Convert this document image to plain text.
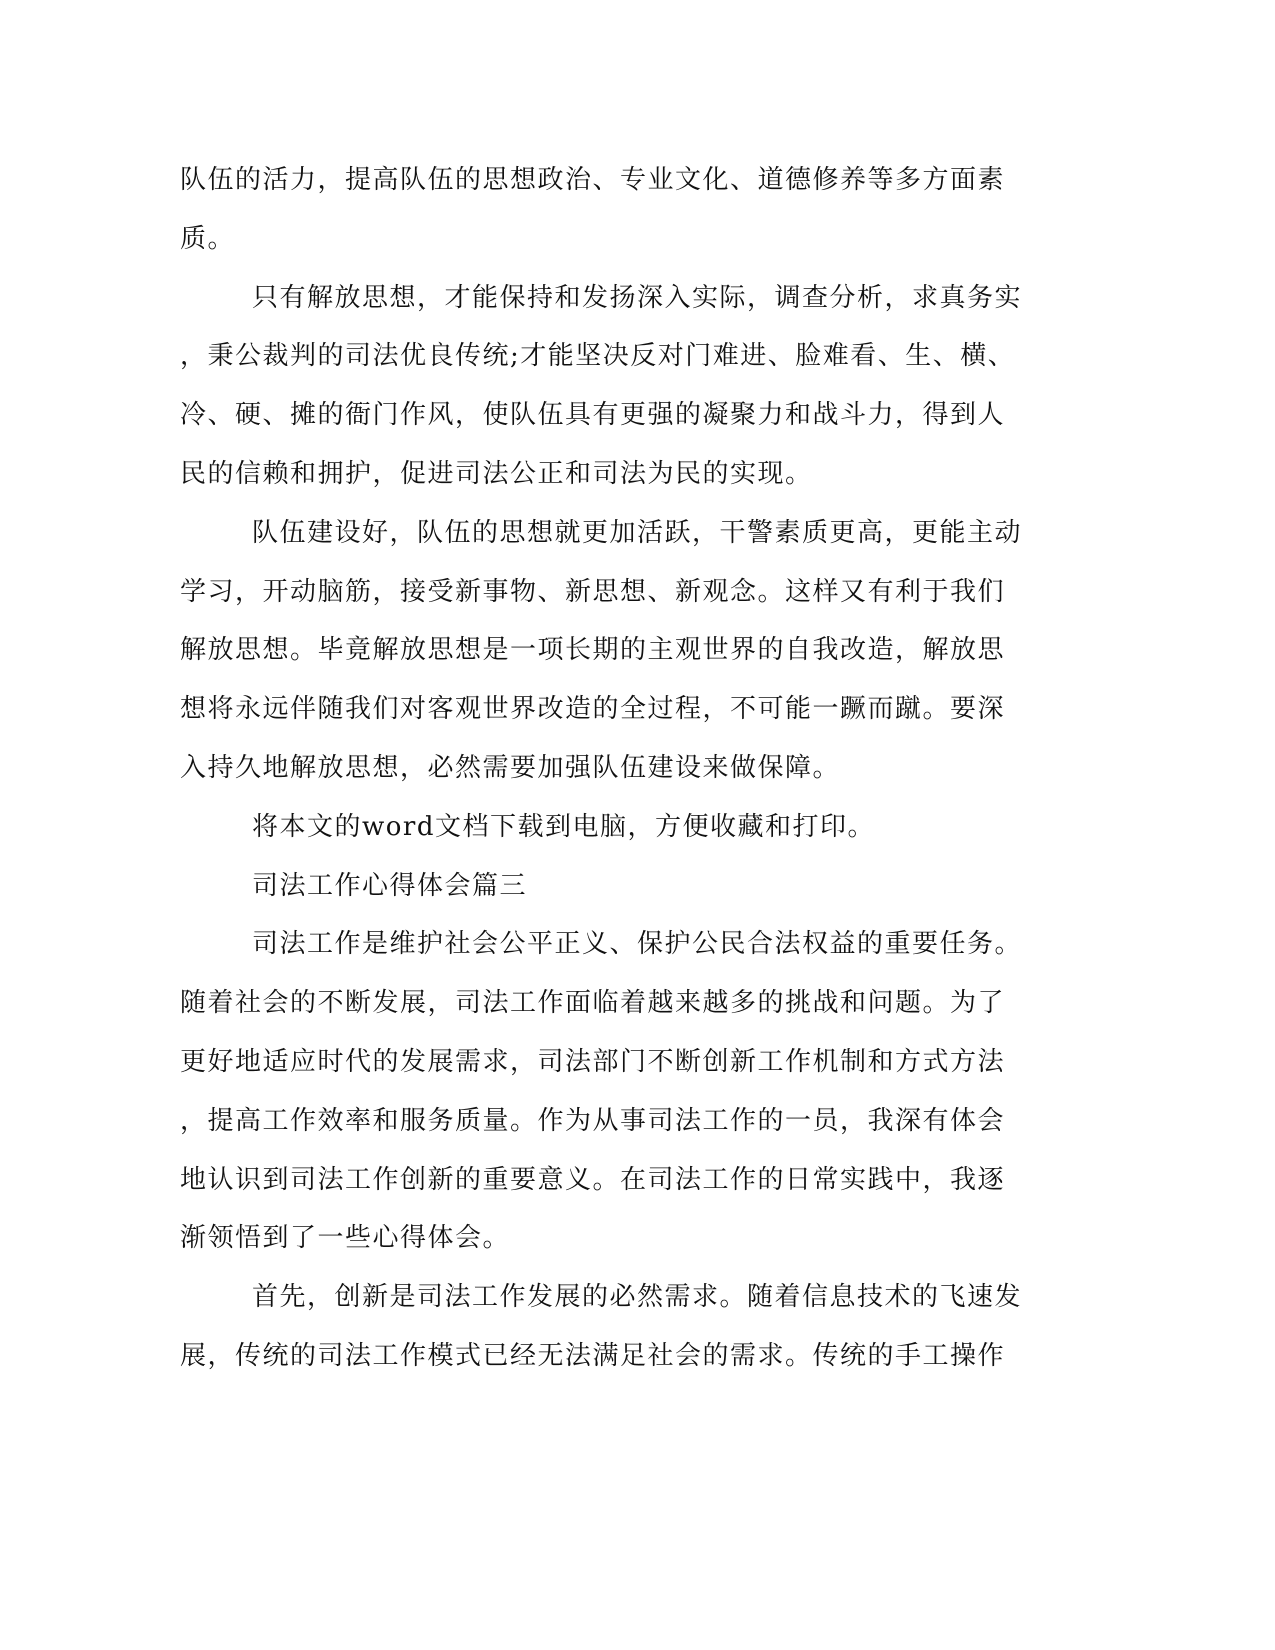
队伍的活力，提高队伍的思想政治、专业文化、道德修养等多方面素
质。
只有解放思想，才能保持和发扬深入实际，调查分析，求真务实
，秉公裁判的司法优良传统;才能坚决反对门难进、脸难看、生、横、
冷、硬、摊的衙门作风，使队伍具有更强的凝聚力和战斗力，得到人
民的信赖和拥护，促进司法公正和司法为民的实现。
队伍建设好，队伍的思想就更加活跃，干警素质更高，更能主动
学习，开动脑筋，接受新事物、新思想、新观念。这样又有利于我们
解放思想。毕竟解放思想是一项长期的主观世界的自我改造，解放思
想将永远伴随我们对客观世界改造的全过程，不可能一蹶而蹴。要深
入持久地解放思想，必然需要加强队伍建设来做保障。
将本文的word文档下载到电脑，方便收藏和打印。
司法工作心得体会篇三
司法工作是维护社会公平正义、保护公民合法权益的重要任务。
随着社会的不断发展，司法工作面临着越来越多的挑战和问题。为了
更好地适应时代的发展需求，司法部门不断创新工作机制和方式方法
，提高工作效率和服务质量。作为从事司法工作的一员，我深有体会
地认识到司法工作创新的重要意义。在司法工作的日常实践中，我逐
渐领悟到了一些心得体会。
首先，创新是司法工作发展的必然需求。随着信息技术的飞速发
展，传统的司法工作模式已经无法满足社会的需求。传统的手工操作
